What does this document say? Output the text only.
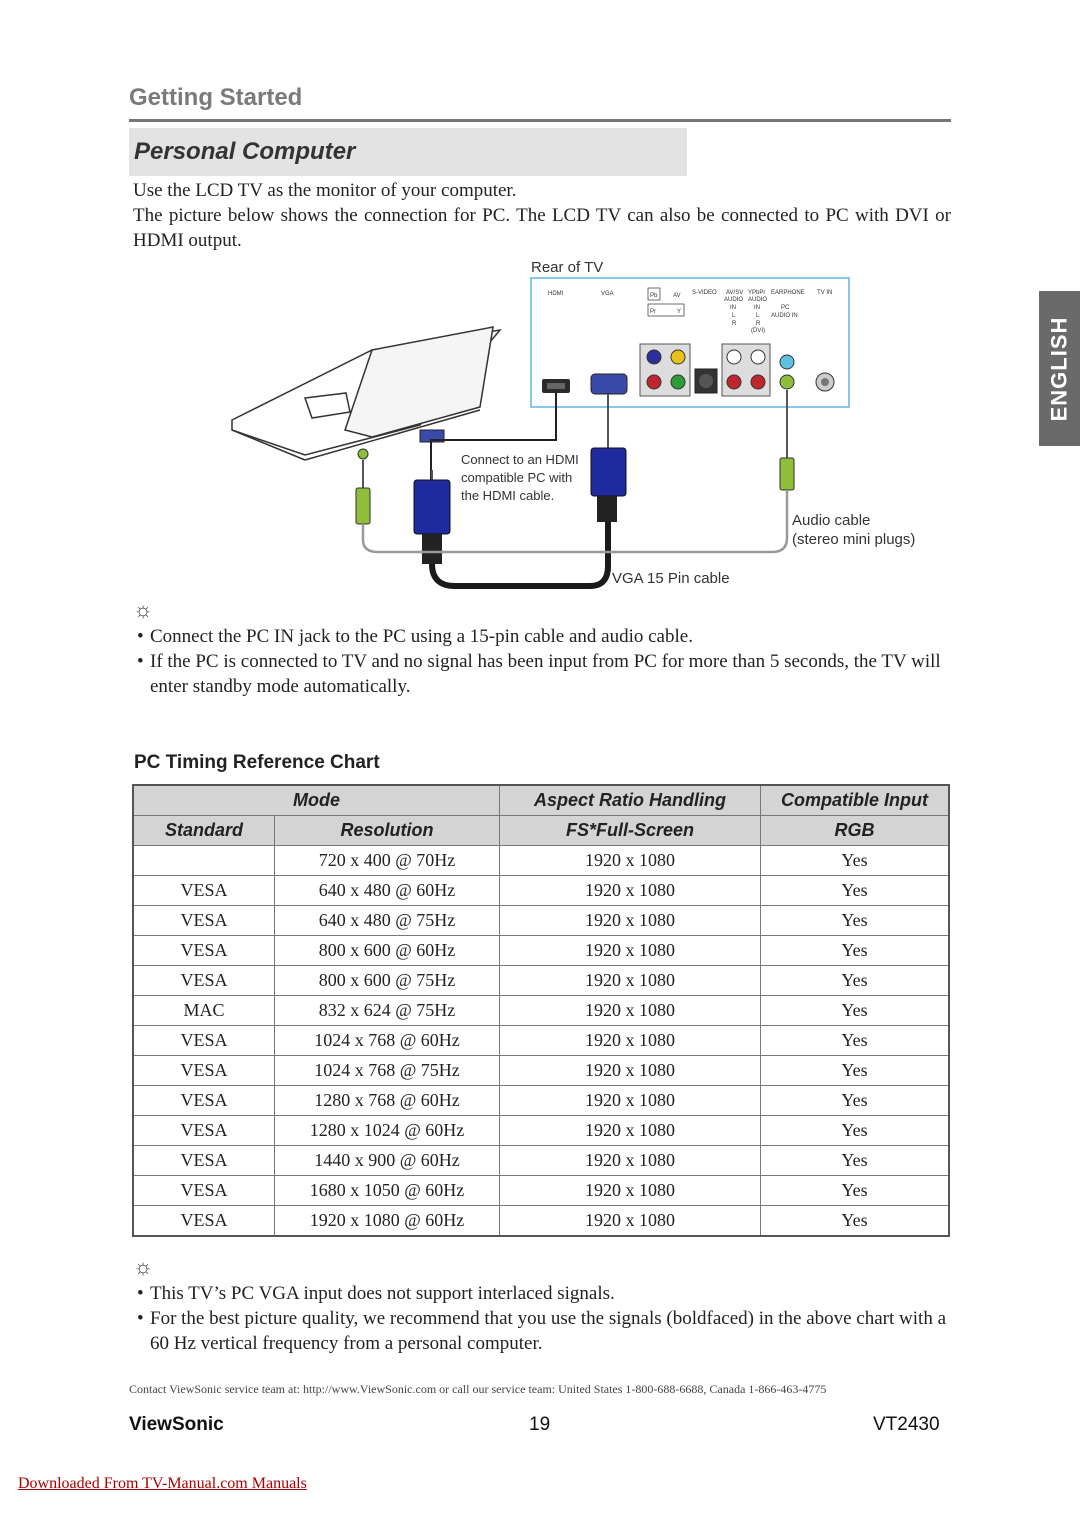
Getting Started
Personal Computer
Use the LCD TV as the monitor of your computer.
The picture below shows the connection for PC. The LCD TV can also be connected to PC with DVI or HDMI output.
ENGLISH
Rear of TV
HDMI	VGA	Pb	AV
Pr	Y
S-VIDEO AV/SV
AUDIO
IN
L
R
YPbPr
AUDIO
IN
L
R
(DVI)
EARPHONE
PC
AUDIO IN
TV IN
Connect to an HDMI
compatible PC with
the HDMI cable.
Audio cable
(stereo mini plugs)
VGA 15 Pin cable
☼
• Connect the PC IN jack to the PC using a 15-pin cable and audio cable.
• If the PC is connected to TV and no signal has been input from PC for more than 5 seconds, the TV will enter standby mode automatically.
PC Timing Reference Chart
Mode		Aspect Ratio Handling	Compatible Input
Standard	Resolution	FS*Full-Screen	RGB
	720 x 400 @ 70Hz	1920 x 1080	Yes
VESA	640 x 480 @ 60Hz	1920 x 1080	Yes
VESA	640 x 480 @ 75Hz	1920 x 1080	Yes
VESA	800 x 600 @ 60Hz	1920 x 1080	Yes
VESA	800 x 600 @ 75Hz	1920 x 1080	Yes
MAC	832 x 624 @ 75Hz	1920 x 1080	Yes
VESA	1024 x 768 @ 60Hz	1920 x 1080	Yes
VESA	1024 x 768 @ 75Hz	1920 x 1080	Yes
VESA	1280 x 768 @ 60Hz	1920 x 1080	Yes
VESA	1280 x 1024 @ 60Hz	1920 x 1080	Yes
VESA	1440 x 900 @ 60Hz	1920 x 1080	Yes
VESA	1680 x 1050 @ 60Hz	1920 x 1080	Yes
VESA	1920 x 1080 @ 60Hz	1920 x 1080	Yes
☼
• This TV’s PC VGA input does not support interlaced signals.
• For the best picture quality, we recommend that you use the signals (boldfaced) in the above chart with a 60 Hz vertical frequency from a personal computer.
Contact ViewSonic service team at: http://www.ViewSonic.com or call our service team: United States 1-800-688-6688, Canada 1-866-463-4775
ViewSonic	19	VT2430
Downloaded From TV-Manual.com Manuals
